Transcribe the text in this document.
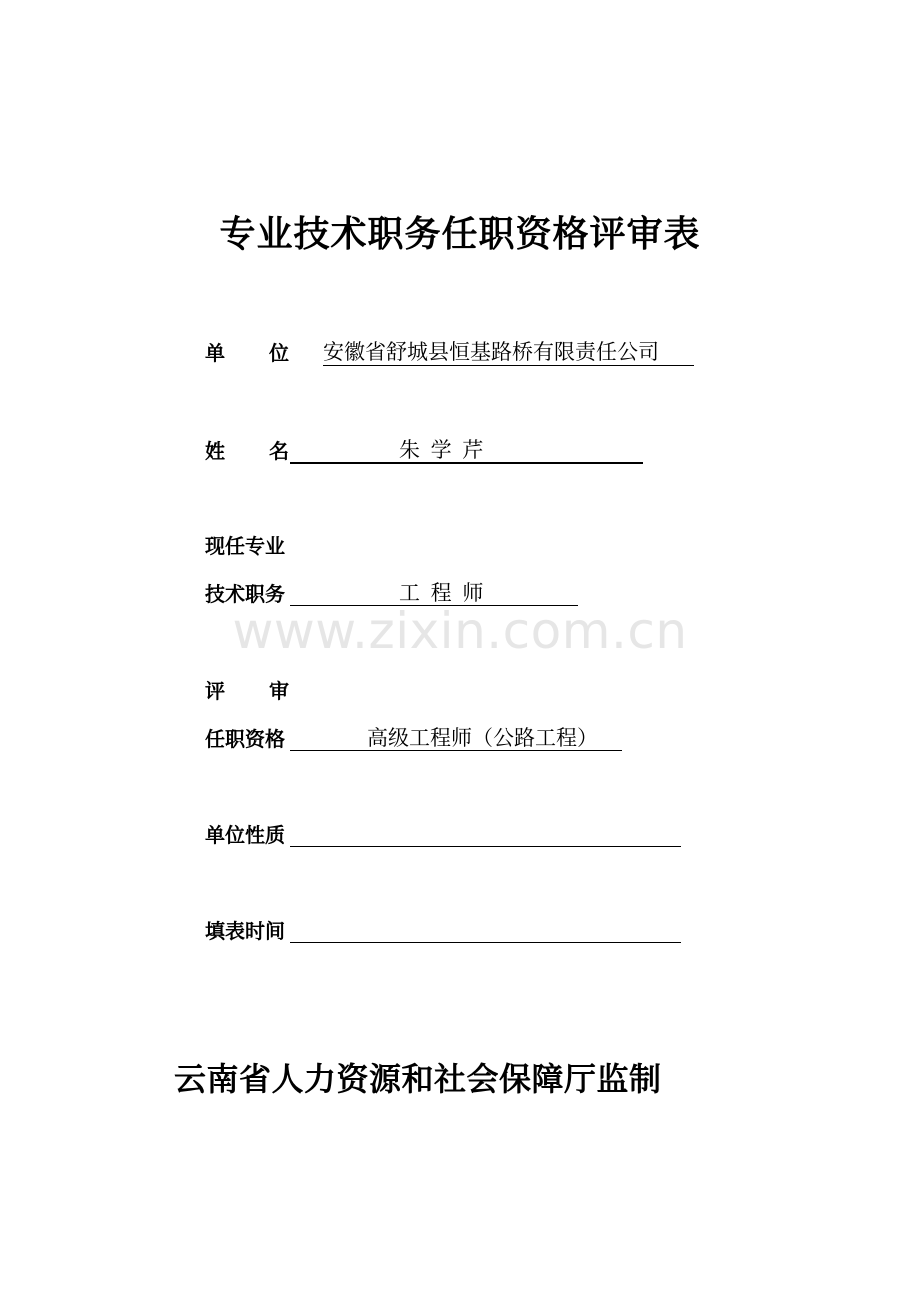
专业技术职务任职资格评审表
单 位 安徽省舒城县恒基路桥有限责任公司
姓 名	朱 学 芹
现任专业
技术职务	工 程 师
评 审
任职资格	高级工程师（公路工程）
单位性质
填表时间
www.zixin.com.cn
云南省人力资源和社会保障厅监制
